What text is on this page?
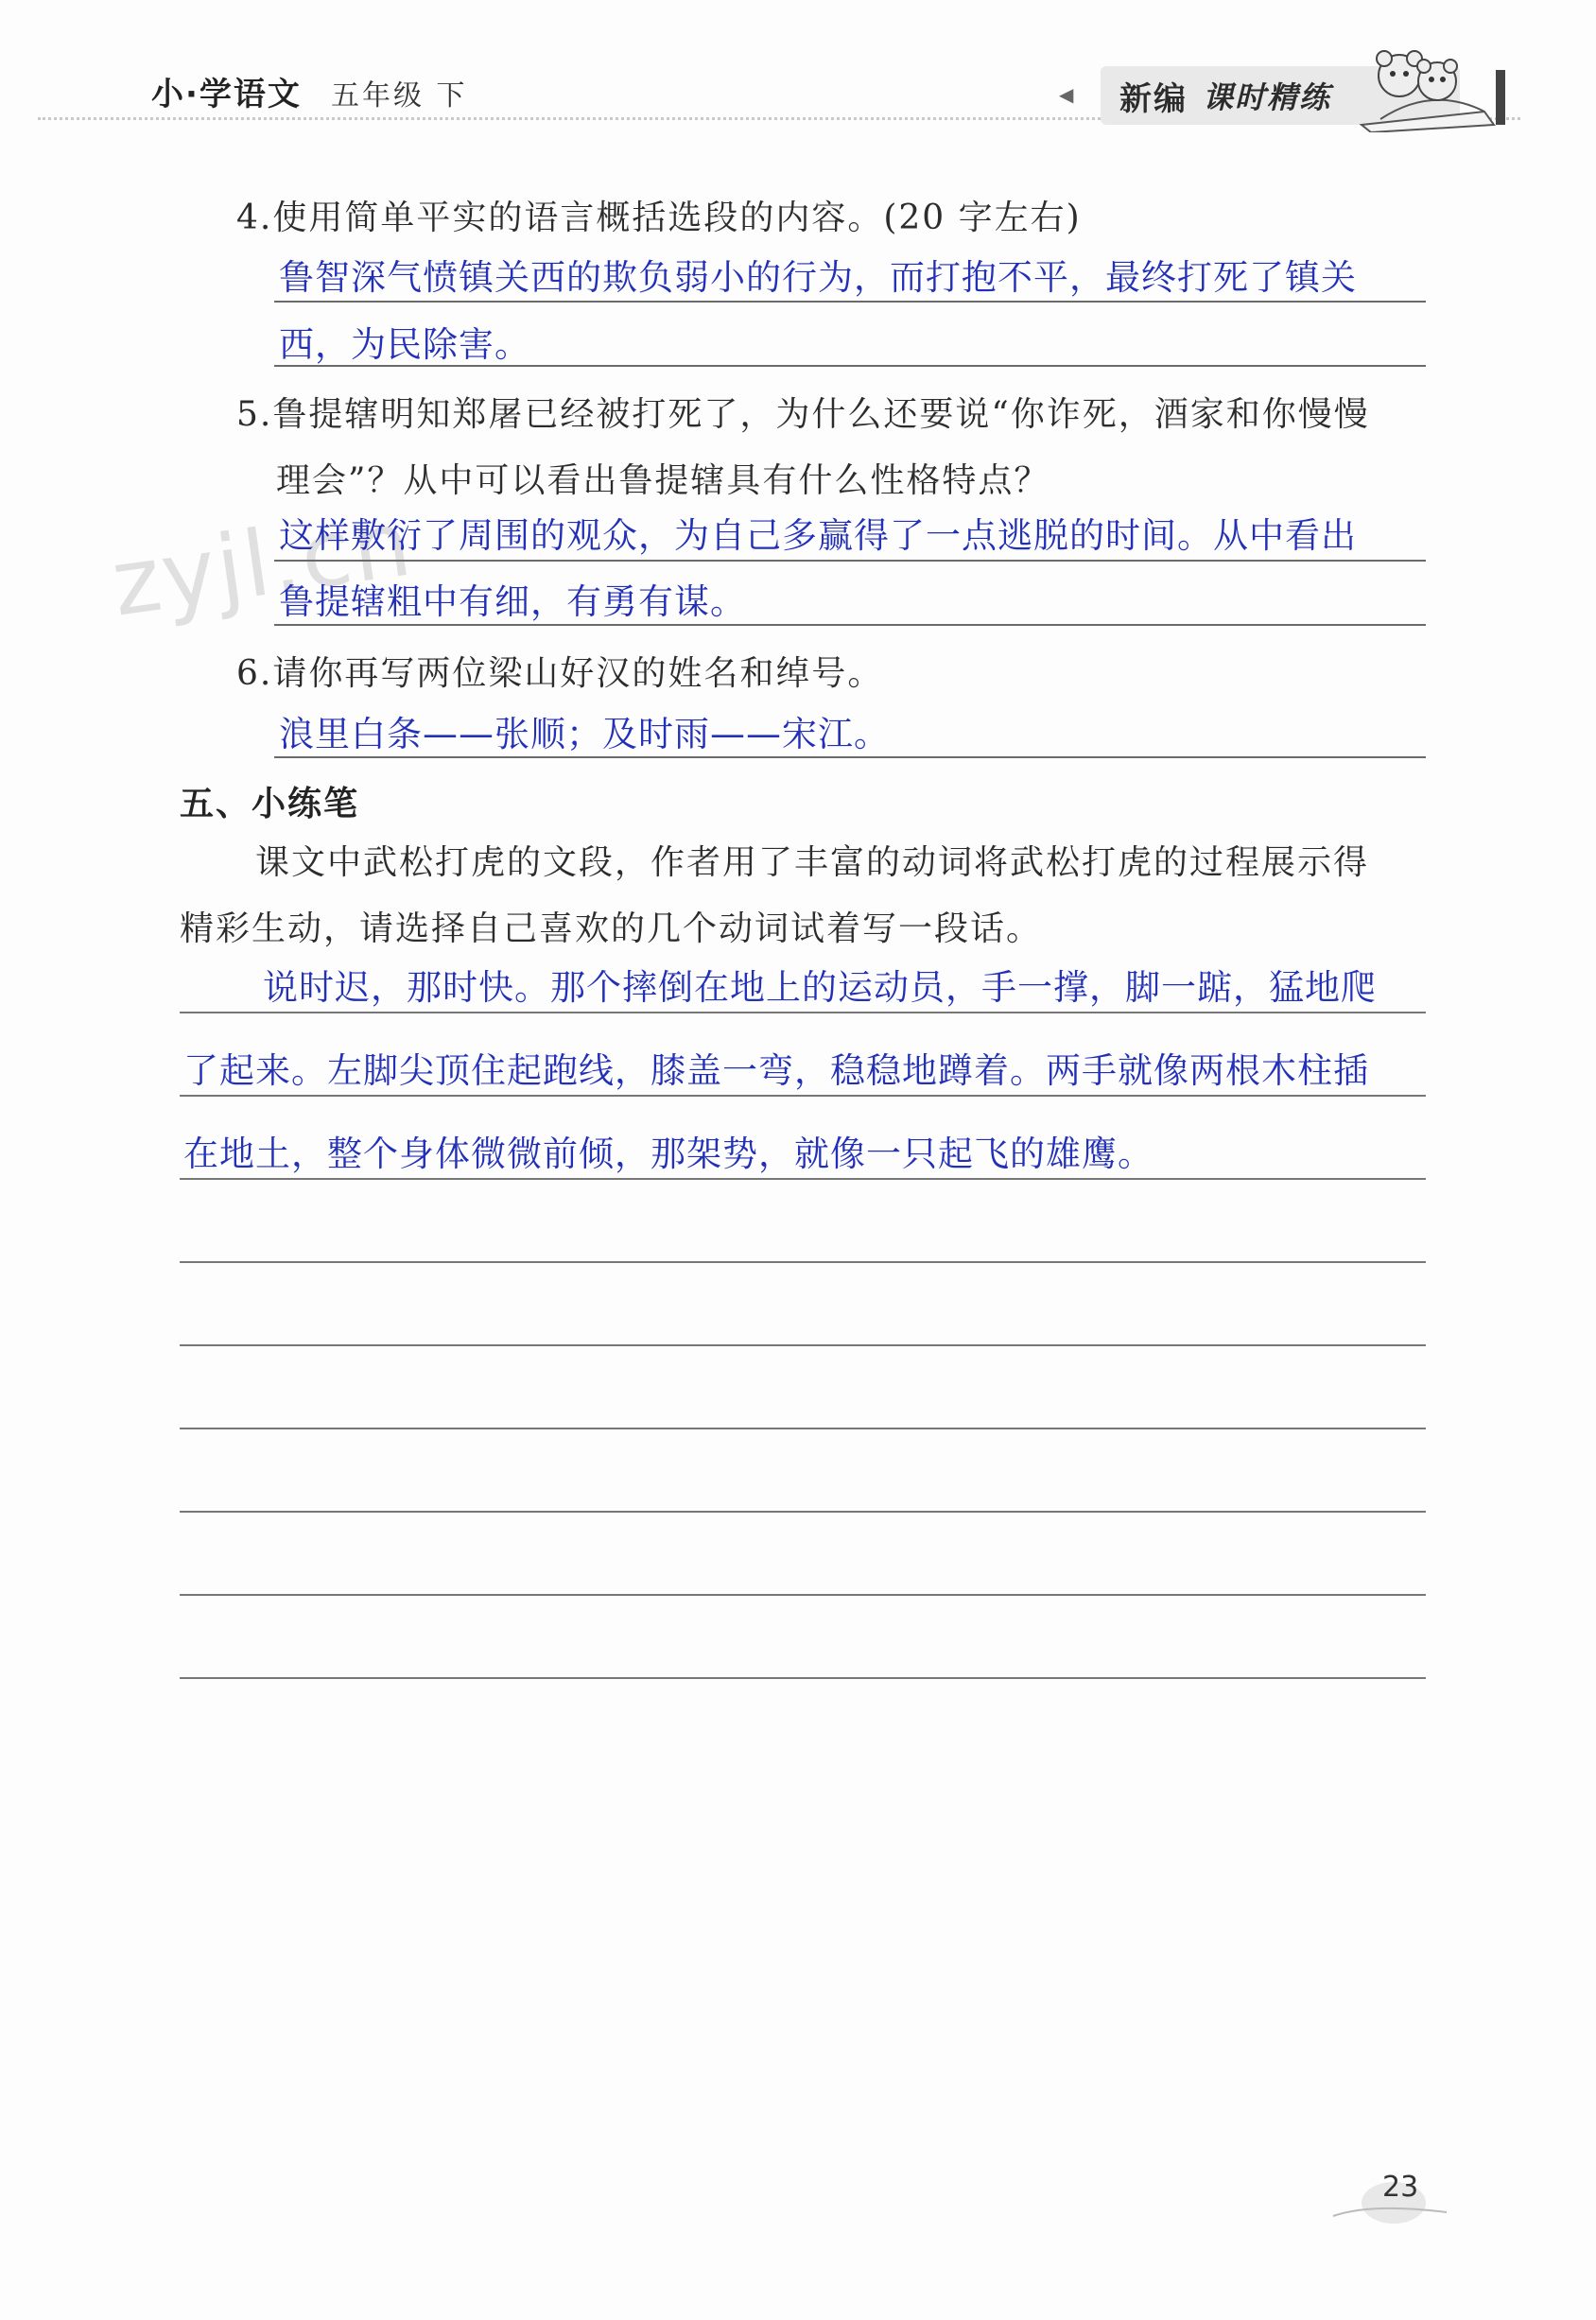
小·学语文 五年级 下	◀ 新编 课时精练
zyjl.cn
4.使用简单平实的语言概括选段的内容。(20 字左右)
鲁智深气愤镇关西的欺负弱小的行为，而打抱不平，最终打死了镇关
西，为民除害。
5.鲁提辖明知郑屠已经被打死了，为什么还要说“你诈死，酒家和你慢慢
理会”？从中可以看出鲁提辖具有什么性格特点？
这样敷衍了周围的观众，为自己多赢得了一点逃脱的时间。从中看出
鲁提辖粗中有细，有勇有谋。
6.请你再写两位梁山好汉的姓名和绰号。
浪里白条——张顺；及时雨——宋江。
五、小练笔
课文中武松打虎的文段，作者用了丰富的动词将武松打虎的过程展示得
精彩生动，请选择自己喜欢的几个动词试着写一段话。
说时迟，那时快。那个摔倒在地上的运动员，手一撑，脚一踮，猛地爬
了起来。左脚尖顶住起跑线，膝盖一弯，稳稳地蹲着。两手就像两根木柱插
在地土，整个身体微微前倾，那架势，就像一只起飞的雄鹰。
23
